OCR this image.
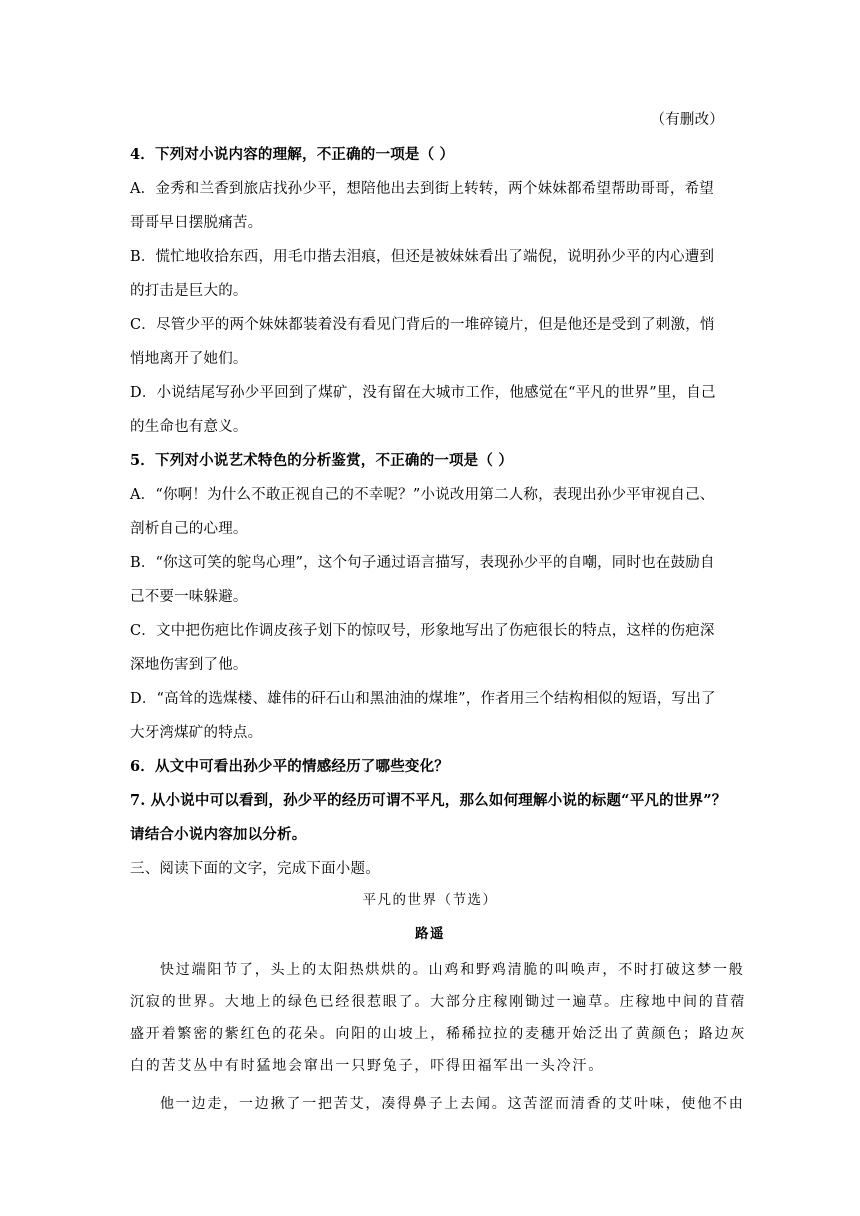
（有删改）
4．下列对小说内容的理解，不正确的一项是（ ）
A．金秀和兰香到旅店找孙少平，想陪他出去到街上转转，两个妹妹都希望帮助哥哥，希望
哥哥早日摆脱痛苦。
B．慌忙地收拾东西，用毛巾揩去泪痕，但还是被妹妹看出了端倪，说明孙少平的内心遭到
的打击是巨大的。
C．尽管少平的两个妹妹都装着没有看见门背后的一堆碎镜片，但是他还是受到了刺激，悄
悄地离开了她们。
D．小说结尾写孙少平回到了煤矿，没有留在大城市工作，他感觉在“平凡的世界”里，自己
的生命也有意义。
5．下列对小说艺术特色的分析鉴赏，不正确的一项是（ ）
A．“你啊！为什么不敢正视自己的不幸呢？”小说改用第二人称，表现出孙少平审视自己、
剖析自己的心理。
B．“你这可笑的鸵鸟心理”，这个句子通过语言描写，表现孙少平的自嘲，同时也在鼓励自
己不要一味躲避。
C．文中把伤疤比作调皮孩子划下的惊叹号，形象地写出了伤疤很长的特点，这样的伤疤深
深地伤害到了他。
D．“高耸的选煤楼、雄伟的矸石山和黑油油的煤堆”，作者用三个结构相似的短语，写出了
大牙湾煤矿的特点。
6．从文中可看出孙少平的情感经历了哪些变化？
7. 从小说中可以看到，孙少平的经历可谓不平凡，那么如何理解小说的标题“平凡的世界”？
请结合小说内容加以分析。
三、阅读下面的文字，完成下面小题。
平凡的世界（节选）
路遥
快过端阳节了，头上的太阳热烘烘的。山鸡和野鸡清脆的叫唤声，不时打破这梦一般
沉寂的世界。大地上的绿色已经很惹眼了。大部分庄稼刚锄过一遍草。庄稼地中间的苜蓿
盛开着繁密的紫红色的花朵。向阳的山坡上，稀稀拉拉的麦穗开始泛出了黄颜色；路边灰
白的苦艾丛中有时猛地会窜出一只野兔子，吓得田福军出一头冷汗。
他一边走，一边揪了一把苦艾，凑得鼻子上去闻。这苦涩而清香的艾叶味，使他不由
